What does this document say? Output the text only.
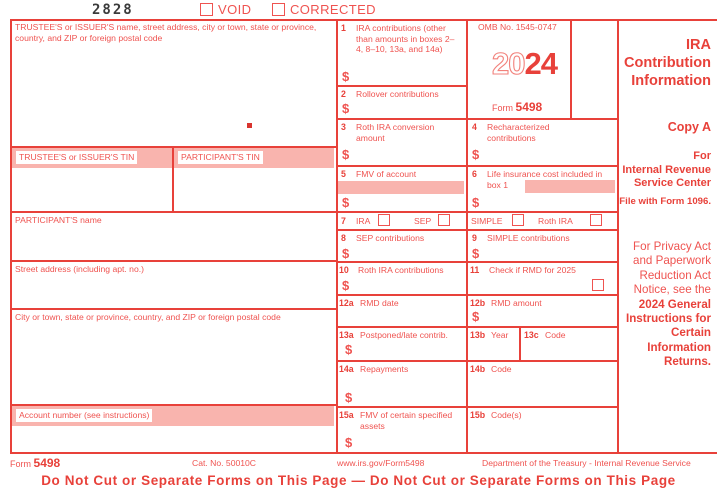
2828	VOID	CORRECTED
TRUSTEE'S or ISSUER'S name, street address, city or town, state or province, country, and ZIP or foreign postal code
TRUSTEE'S or ISSUER'S TIN	PARTICIPANT'S TIN
PARTICIPANT'S name
Street address (including apt. no.)
City or town, state or province, country, and ZIP or foreign postal code
Account number (see instructions)
1 IRA contributions (other than amounts in boxes 2–4, 8–10, 13a, and 14a)
$
2 Rollover contributions
$
3 Roth IRA conversion amount
$
4 Recharacterized contributions
$
5 FMV of account
$
6 Life insurance cost included in box 1
$
7 IRA	SEP	SIMPLE	Roth IRA
8 SEP contributions
$
9 SIMPLE contributions
$
10 Roth IRA contributions
$
11 Check if RMD for 2025
12a RMD date	12b RMD amount
$
13a Postponed/late contrib.
$
13b Year 13c Code
14a Repayments
$
14b Code
15a FMV of certain specified assets
$
15b Code(s)
OMB No. 1545-0747
2024
Form 5498
IRA
Contribution
Information
Copy A
For
Internal Revenue
Service Center
File with Form 1096.
For Privacy Act
and Paperwork
Reduction Act
Notice, see the
2024 General
Instructions for
Certain
Information
Returns.
Form 5498	Cat. No. 50010C	www.irs.gov/Form5498	Department of the Treasury - Internal Revenue Service
Do Not Cut or Separate Forms on This Page — Do Not Cut or Separate Forms on This Page
